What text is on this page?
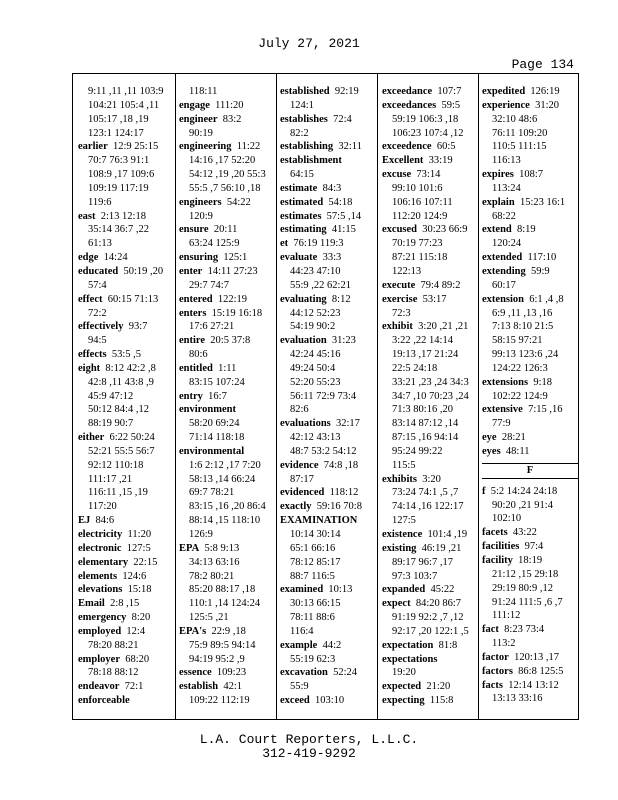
July 27, 2021
Page 134
9:11 ,11 ,11 103:9
104:21 105:4 ,11
105:17 ,18 ,19
123:1 124:17
earlier 12:9 25:15
70:7 76:3 91:1
108:9 ,17 109:6
109:19 117:19
119:6
east 2:13 12:18
35:14 36:7 ,22
61:13
edge 14:24
educated 50:19 ,20
57:4
effect 60:15 71:13
72:2
effectively 93:7
94:5
effects 53:5 ,5
eight 8:12 42:2 ,8
42:8 ,11 43:8 ,9
45:9 47:12
50:12 84:4 ,12
88:19 90:7
either 6:22 50:24
52:21 55:5 56:7
92:12 110:18
111:17 ,21
116:11 ,15 ,19
117:20
EJ 84:6
electricity 11:20
electronic 127:5
elementary 22:15
elements 124:6
elevations 15:18
Email 2:8 ,15
emergency 8:20
employed 12:4
78:20 88:21
employer 68:20
78:18 88:12
endeavor 72:1
enforceable
118:11
engage 111:20
engineer 83:2
90:19
engineering 11:22
14:16 ,17 52:20
54:12 ,19 ,20 55:3
55:5 ,7 56:10 ,18
engineers 54:22
120:9
ensure 20:11
63:24 125:9
ensuring 125:1
enter 14:11 27:23
29:7 74:7
entered 122:19
enters 15:19 16:18
17:6 27:21
entire 20:5 37:8
80:6
entitled 1:11
83:15 107:24
entry 16:7
environment
58:20 69:24
71:14 118:18
environmental
1:6 2:12 ,17 7:20
58:13 ,14 66:24
69:7 78:21
83:15 ,16 ,20 86:4
88:14 ,15 118:10
126:9
EPA 5:8 9:13
34:13 63:16
78:2 80:21
85:20 88:17 ,18
110:1 ,14 124:24
125:5 ,21
EPA's 22:9 ,18
75:9 89:5 94:14
94:19 95:2 ,9
essence 109:23
establish 42:1
109:22 112:19
established 92:19
124:1
establishes 72:4
82:2
establishing 32:11
establishment
64:15
estimate 84:3
estimated 54:18
estimates 57:5 ,14
estimating 41:15
et 76:19 119:3
evaluate 33:3
44:23 47:10
55:9 ,22 62:21
evaluating 8:12
44:12 52:23
54:19 90:2
evaluation 31:23
42:24 45:16
49:24 50:4
52:20 55:23
56:11 72:9 73:4
82:6
evaluations 32:17
42:12 43:13
48:7 53:2 54:12
evidence 74:8 ,18
87:17
evidenced 118:12
exactly 59:16 70:8
EXAMINATION
10:14 30:14
65:1 66:16
78:12 85:17
88:7 116:5
examined 10:13
30:13 66:15
78:11 88:6
116:4
example 44:2
55:19 62:3
excavation 52:24
55:9
exceed 103:10
exceedance 107:7
exceedances 59:5
59:19 106:3 ,18
106:23 107:4 ,12
exceedence 60:5
Excellent 33:19
excuse 73:14
99:10 101:6
106:16 107:11
112:20 124:9
excused 30:23 66:9
70:19 77:23
87:21 115:18
122:13
execute 79:4 89:2
exercise 53:17
72:3
exhibit 3:20 ,21 ,21
3:22 ,22 14:14
19:13 ,17 21:24
22:5 24:18
33:21 ,23 ,24 34:3
34:7 ,10 70:23 ,24
71:3 80:16 ,20
83:14 87:12 ,14
87:15 ,16 94:14
95:24 99:22
115:5
exhibits 3:20
73:24 74:1 ,5 ,7
74:14 ,16 122:17
127:5
existence 101:4 ,19
existing 46:19 ,21
89:17 96:7 ,17
97:3 103:7
expanded 45:22
expect 84:20 86:7
91:19 92:2 ,7 ,12
92:17 ,20 122:1 ,5
expectation 81:8
expectations
19:20
expected 21:20
expecting 115:8
expedited 126:19
experience 31:20
32:10 48:6
76:11 109:20
110:5 111:15
116:13
expires 108:7
113:24
explain 15:23 16:1
68:22
extend 8:19
120:24
extended 117:10
extending 59:9
60:17
extension 6:1 ,4 ,8
6:9 ,11 ,13 ,16
7:13 8:10 21:5
58:15 97:21
99:13 123:6 ,24
124:22 126:3
extensions 9:18
102:22 124:9
extensive 7:15 ,16
77:9
eye 28:21
eyes 48:11
F
f 5:2 14:24 24:18
90:20 ,21 91:4
102:10
facets 43:22
facilities 97:4
facility 18:19
21:12 ,15 29:18
29:19 80:9 ,12
91:24 111:5 ,6 ,7
111:12
fact 8:23 73:4
113:2
factor 120:13 ,17
factors 86:8 125:5
facts 12:14 13:12
13:13 33:16
L.A. Court Reporters, L.L.C.
312-419-9292
